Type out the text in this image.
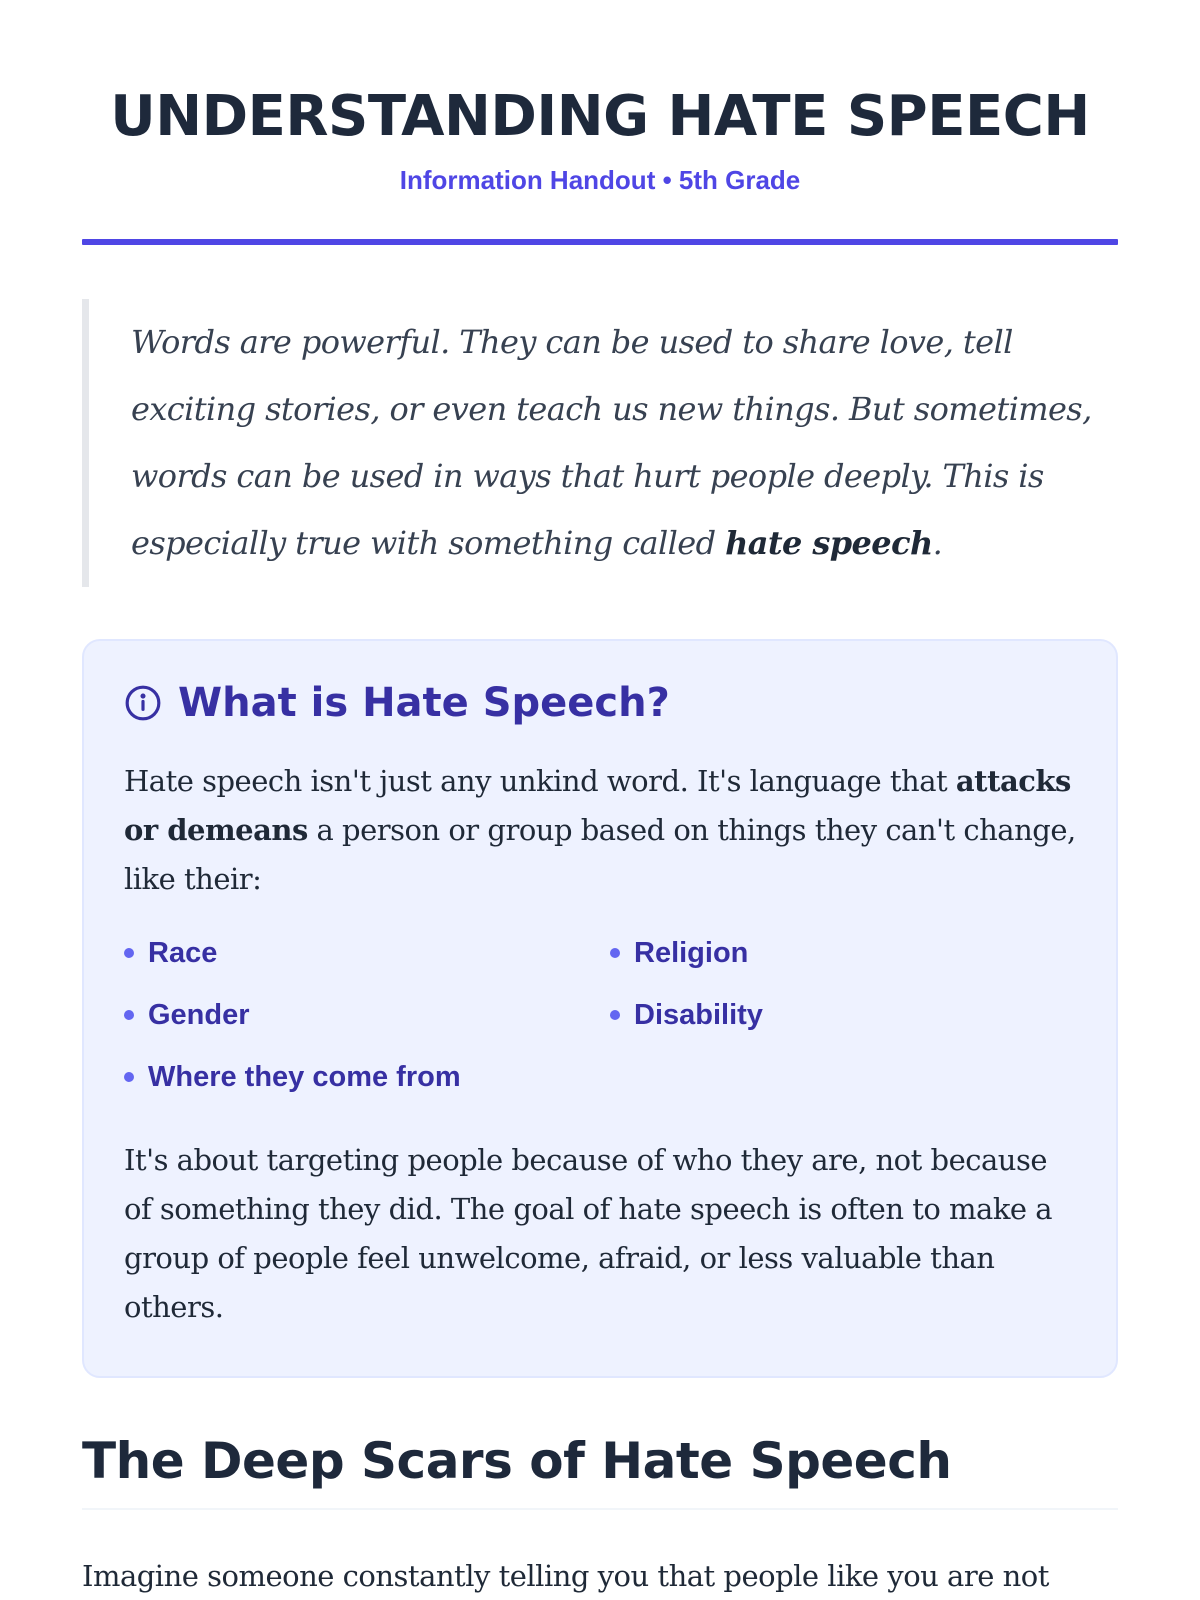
UNDERSTANDING HATE SPEECH
Information Handout • 5th Grade

Words are powerful. They can be used to share love, tell exciting stories, or even teach us new things. But sometimes, words can be used in ways that hurt people deeply. This is especially true with something called hate speech.

What is Hate Speech?

Hate speech isn't just any unkind word. It's language that attacks or demeans a person or group based on things they can't change, like their:

Race	Religion
Gender	Disability
Where they come from

It's about targeting people because of who they are, not because of something they did. The goal of hate speech is often to make a group of people feel unwelcome, afraid, or less valuable than others.

The Deep Scars of Hate Speech

Imagine someone constantly telling you that people like you are not
